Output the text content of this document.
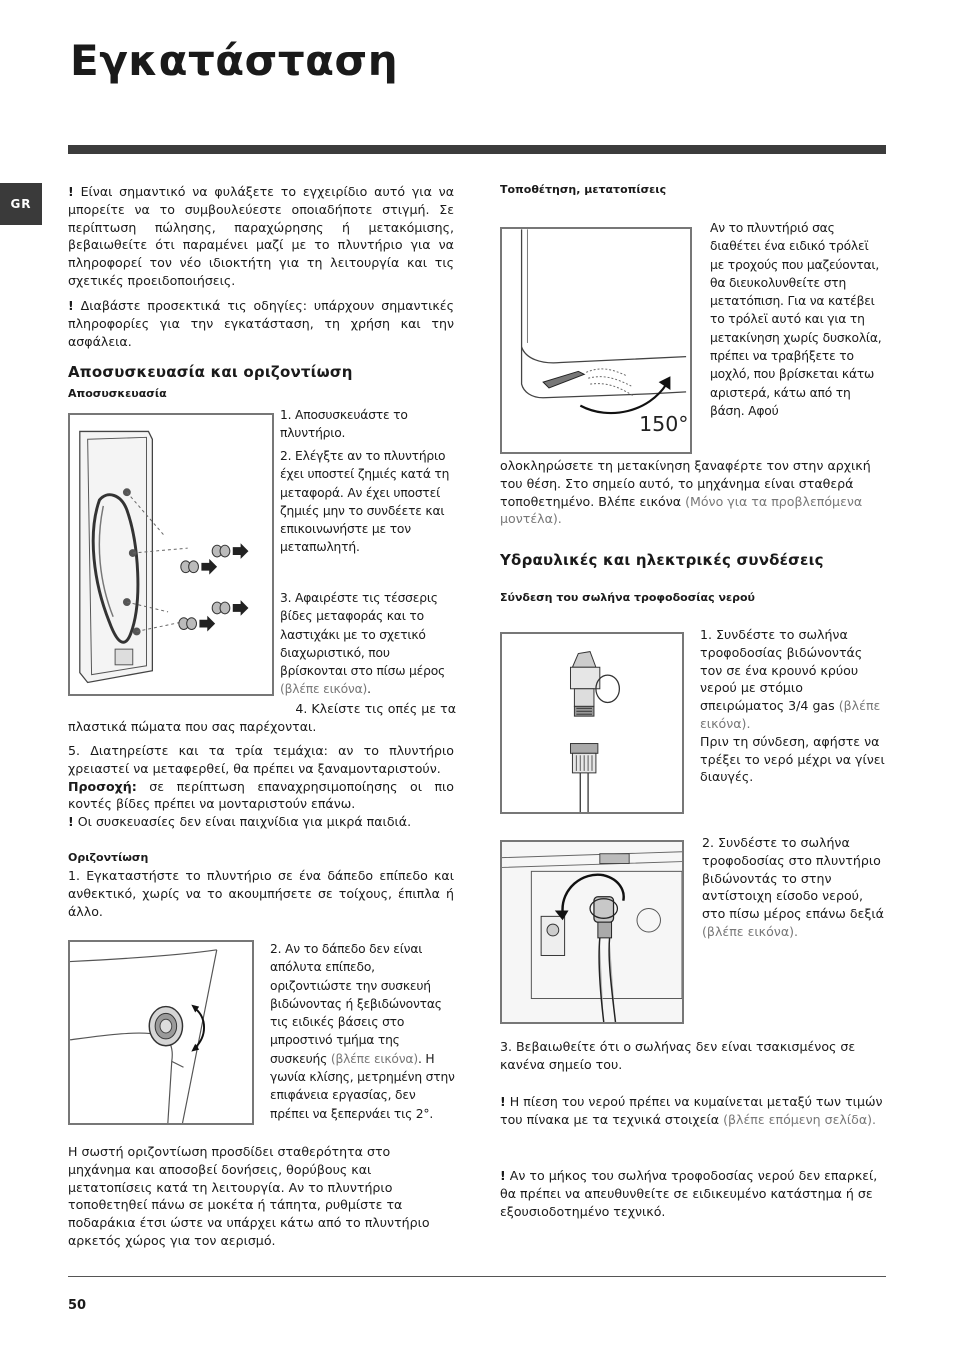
Εγκατάσταση
GR
! Είναι σημαντικό να φυλάξετε το εγχειρίδιο αυτό για να μπορείτε να το συμβουλεύεστε οποιαδήποτε στιγμή. Σε περίπτωση πώλησης, παραχώρησης ή μετακόμισης, βεβαιωθείτε ότι παραμένει μαζί με το πλυντήριο για να πληροφορεί τον νέο ιδιοκτήτη για τη λειτουργία και τις σχετικές προειδοποιήσεις.
! Διαβάστε προσεκτικά τις οδηγίες: υπάρχουν σημαντικές πληροφορίες για την εγκατάσταση, τη χρήση και την ασφάλεια.
Αποσυσκευασία και οριζοντίωση
Αποσυσκευασία
1. Αποσυσκευάστε το πλυντήριο.
2. Ελέγξτε αν το πλυντήριο έχει υποστεί ζημιές κατά τη μεταφορά. Αν έχει υποστεί ζημιές μην το συνδέετε και επικοινωνήστε με τον μεταπωλητή.
3. Αφαιρέστε τις τέσσερις βίδες μεταφοράς και το λαστιχάκι με το σχετικό διαχωριστικό, που βρίσκονται στο πίσω μέρος (βλέπε εικόνα).
4. Κλείστε τις οπές με τα
πλαστικά πώματα που σας παρέχονται.

5. Διατηρείστε και τα τρία τεμάχια: αν το πλυντήριο χρειαστεί να μεταφερθεί, θα πρέπει να ξαναμονταριστούν.

Προσοχή: σε περίπτωση επαναχρησιμοποίησης οι πιο κοντές βίδες πρέπει να μονταριστούν επάνω.

! Οι συσκευασίες δεν είναι παιχνίδια για μικρά παιδιά.

Οριζοντίωση
1. Εγκαταστήστε το πλυντήριο σε ένα δάπεδο επίπεδο και ανθεκτικό, χωρίς να το ακουμπήσετε σε τοίχους, έπιπλα ή άλλο.
2. Αν το δάπεδο δεν είναι απόλυτα επίπεδο, οριζοντιώστε την συσκευή βιδώνοντας ή ξεβιδώνοντας τις ειδικές βάσεις στο μπροστινό τμήμα της συσκευής (βλέπε εικόνα). Η γωνία κλίσης, μετρημένη στην επιφάνεια εργασίας, δεν πρέπει να ξεπερνάει τις 2°.
Η σωστή οριζοντίωση προσδίδει σταθερότητα στο μηχάνημα και αποσοβεί δονήσεις, θορύβους και μετατοπίσεις κατά τη λειτουργία. Αν το πλυντήριο τοποθετηθεί πάνω σε μοκέτα ή τάπητα, ρυθμίστε τα ποδαράκια έτσι ώστε να υπάρχει κάτω από το πλυντήριο αρκετός χώρος για τον αερισμό.
Τοποθέτηση, μετατοπίσεις
150°
Αν το πλυντήριό σας διαθέτει ένα ειδικό τρόλεϊ με τροχούς που μαζεύονται, θα διευκολυνθείτε στη μετατόπιση. Για να κατέβει το τρόλεϊ αυτό και για τη μετακίνηση χωρίς δυσκολία, πρέπει να τραβήξετε το μοχλό, που βρίσκεται κάτω αριστερά, κάτω από τη βάση. Αφού
ολοκληρώσετε τη μετακίνηση ξαναφέρτε τον στην αρχική του θέση. Στο σημείο αυτό, το μηχάνημα είναι σταθερά τοποθετημένο. Βλέπε εικόνα (Μόνο για τα προβλεπόμενα μοντέλα).
Υδραυλικές και ηλεκτρικές συνδέσεις
Σύνδεση του σωλήνα τροφοδοσίας νερού
1. Συνδέστε το σωλήνα τροφοδοσίας βιδώνοντάς τον σε ένα κρουνό κρύου νερού με στόμιο σπειρώματος 3/4 gas (βλέπε εικόνα).
Πριν τη σύνδεση, αφήστε να τρέξει το νερό μέχρι να γίνει διαυγές.
2. Συνδέστε το σωλήνα τροφοδοσίας στο πλυντήριο βιδώνοντάς το στην αντίστοιχη είσοδο νερού, στο πίσω μέρος επάνω δεξιά (βλέπε εικόνα).
3. Βεβαιωθείτε ότι ο σωλήνας δεν είναι τσακισμένος σε κανένα σημείο του.
! Η πίεση του νερού πρέπει να κυμαίνεται μεταξύ των τιμών του πίνακα με τα τεχνικά στοιχεία (βλέπε επόμενη σελίδα).
! Αν το μήκος του σωλήνα τροφοδοσίας νερού δεν επαρκεί, θα πρέπει να απευθυνθείτε σε ειδικευμένο κατάστημα ή σε εξουσιοδοτημένο τεχνικό.
50
